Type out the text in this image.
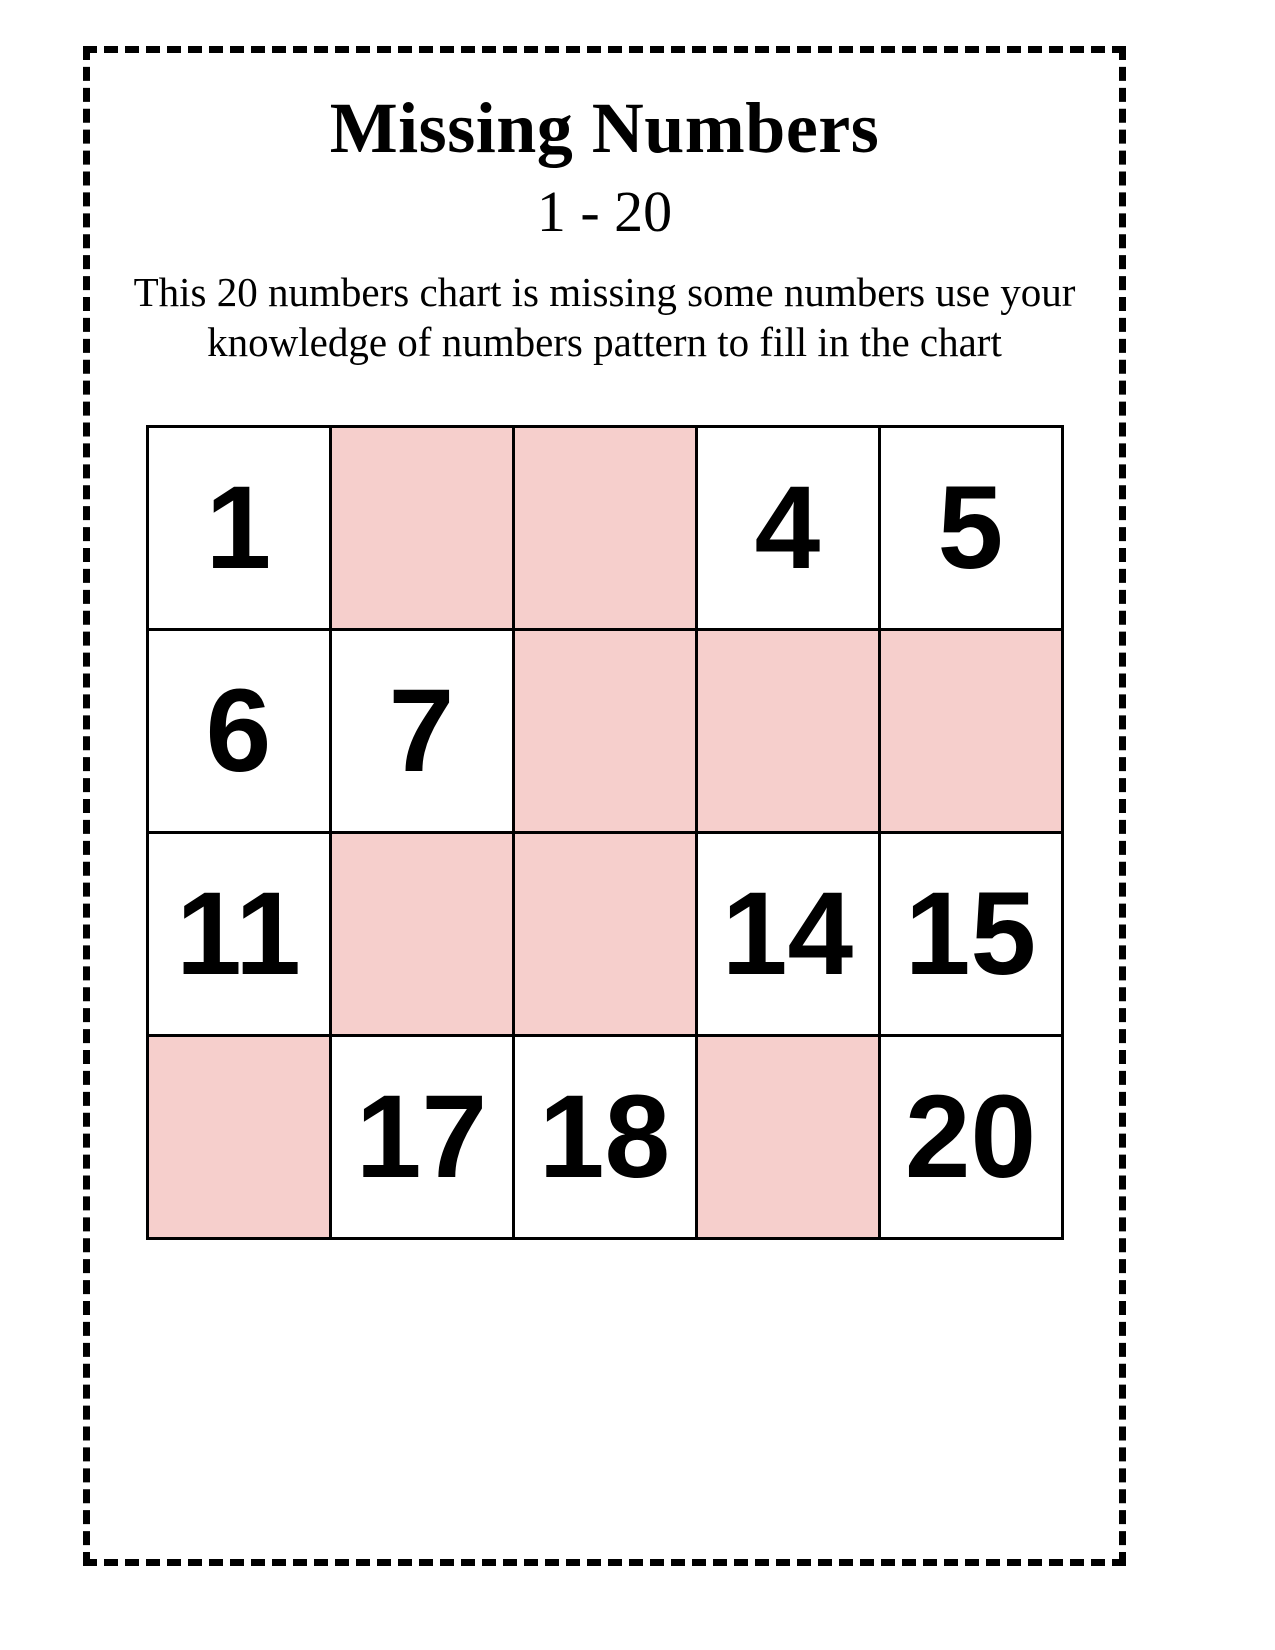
Missing Numbers
1 - 20
This 20 numbers chart is missing some numbers use your knowledge of numbers pattern to fill in the chart
1			4	5
6	7			
11			14	15
	17	18		20
